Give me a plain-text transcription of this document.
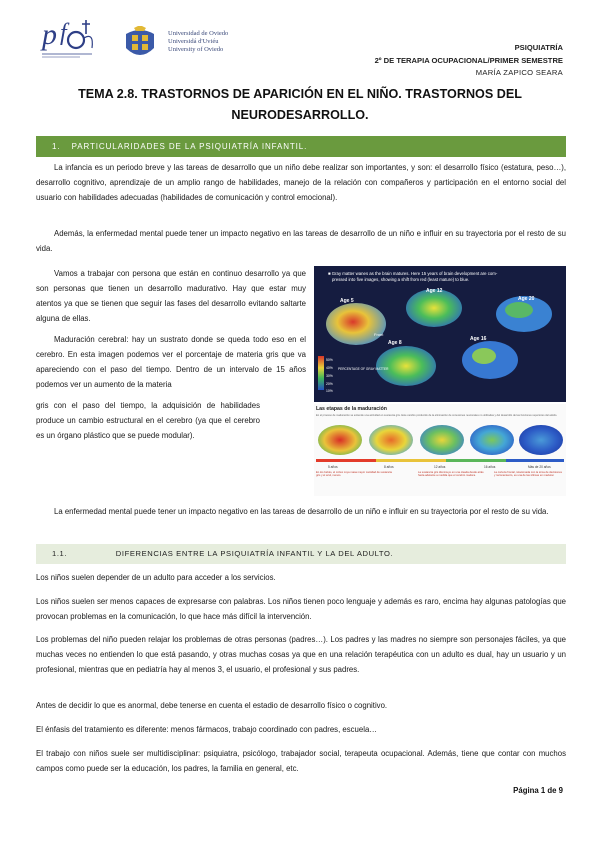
p f	Universidad de Oviedo
Universidá d'Uviéu
University of Oviedo	PSIQUIATRÍA
2º DE TERAPIA OCUPACIONAL/PRIMER SEMESTRE
MARÍA ZAPICO SEARA
TEMA 2.8. TRASTORNOS DE APARICIÓN EN EL NIÑO. TRASTORNOS DEL
NEURODESARROLLO.
1. PARTICULARIDADES DE LA PSIQUIATRÍA INFANTIL.
La infancia es un periodo breve y las tareas de desarrollo que un niño debe realizar son importantes, y son: el desarrollo físico (estatura, peso…), desarrollo cognitivo, aprendizaje de un amplio rango de habilidades, manejo de la relación con compañeros y participación en el entorno social del usuario con habilidades adecuadas (habilidades de comunicación y control emocional).
Además, la enfermedad mental puede tener un impacto negativo en las tareas de desarrollo de un niño e influir en su trayectoria por el resto de su vida.
Vamos a trabajar con persona que están en continuo desarrollo ya que son personas que tienen un desarrollo madurativo. Hay que estar muy atentos ya que se tienen que seguir las fases del desarrollo evitando saltarte alguna de ellas.
Maduración cerebral: hay un sustrato donde se queda todo eso en el cerebro. En esta imagen podemos ver el porcentaje de materia gris que va apareciendo con el paso del tiempo. Dentro de un intervalo de 15 años podemos ver un aumento de la materia
gris con el paso del tiempo, la adquisición de habilidades produce un cambio estructural en el cerebro (ya que el cerebro es un órgano plástico que se puede modular).
■ Gray matter wanes as the brain matures. Here 15 years of brain development are com-
pressed into five images, showing a shift from red (least mature) to blue.
Age 5
Age 12
Age 20
Age 8
Age 16
Front
50%
40%
30%
20%
10%
PERCENTAGE OF GRAY MATTER
Las etapas de la maduración
En el proceso de maduración se extiende una actividad en sustancia gris. Este cambio producido de la eliminación de conexiones neuronales no utilizadas y del desarrollo de las funciones superiores del adulto.
5 años	8 años	12 años	16 años	Más de 20 años
En los bebés, el córtex cuya masa mayor cantidad de sustancia gris y el azul, menos.
La sustancia gris disminuye en una oleada desde atrás hacia adelante a medida que el cerebro madura.
La corteza frontal, relacionada con la toma de decisiones y razonamiento, es una de las últimas en madurar.
La enfermedad mental puede tener un impacto negativo en las tareas de desarrollo de un niño e influir en su trayectoria por el resto de su vida.
1.1.	DIFERENCIAS ENTRE LA PSIQUIATRÍA INFANTIL Y LA DEL ADULTO.
Los niños suelen depender de un adulto para acceder a los servicios.
Los niños suelen ser menos capaces de expresarse con palabras. Los niños tienen poco lenguaje y además es raro, encima hay algunas patologías que provocan problemas en la comunicación, lo que hace más difícil la intervención.
Los problemas del niño pueden relajar los problemas de otras personas (padres…). Los padres y las madres no siempre son personajes fáciles, ya que muchas veces no entienden lo que está pasando, y otras muchas cosas ya que en una relación terapéutica con un adulto es dual, hay un usuario y un profesional, mientras que en pediatría hay al menos 3, el usuario, el profesional y sus padres.
Antes de decidir lo que es anormal, debe tenerse en cuenta el estadio de desarrollo físico o cognitivo.
El énfasis del tratamiento es diferente: menos fármacos, trabajo coordinado con padres, escuela…
El trabajo con niños suele ser multidisciplinar: psiquiatra, psicólogo, trabajador social, terapeuta ocupacional. Además, tiene que contar con muchos campos como puede ser la educación, los padres, la familia en general, etc.
Página 1 de 9
